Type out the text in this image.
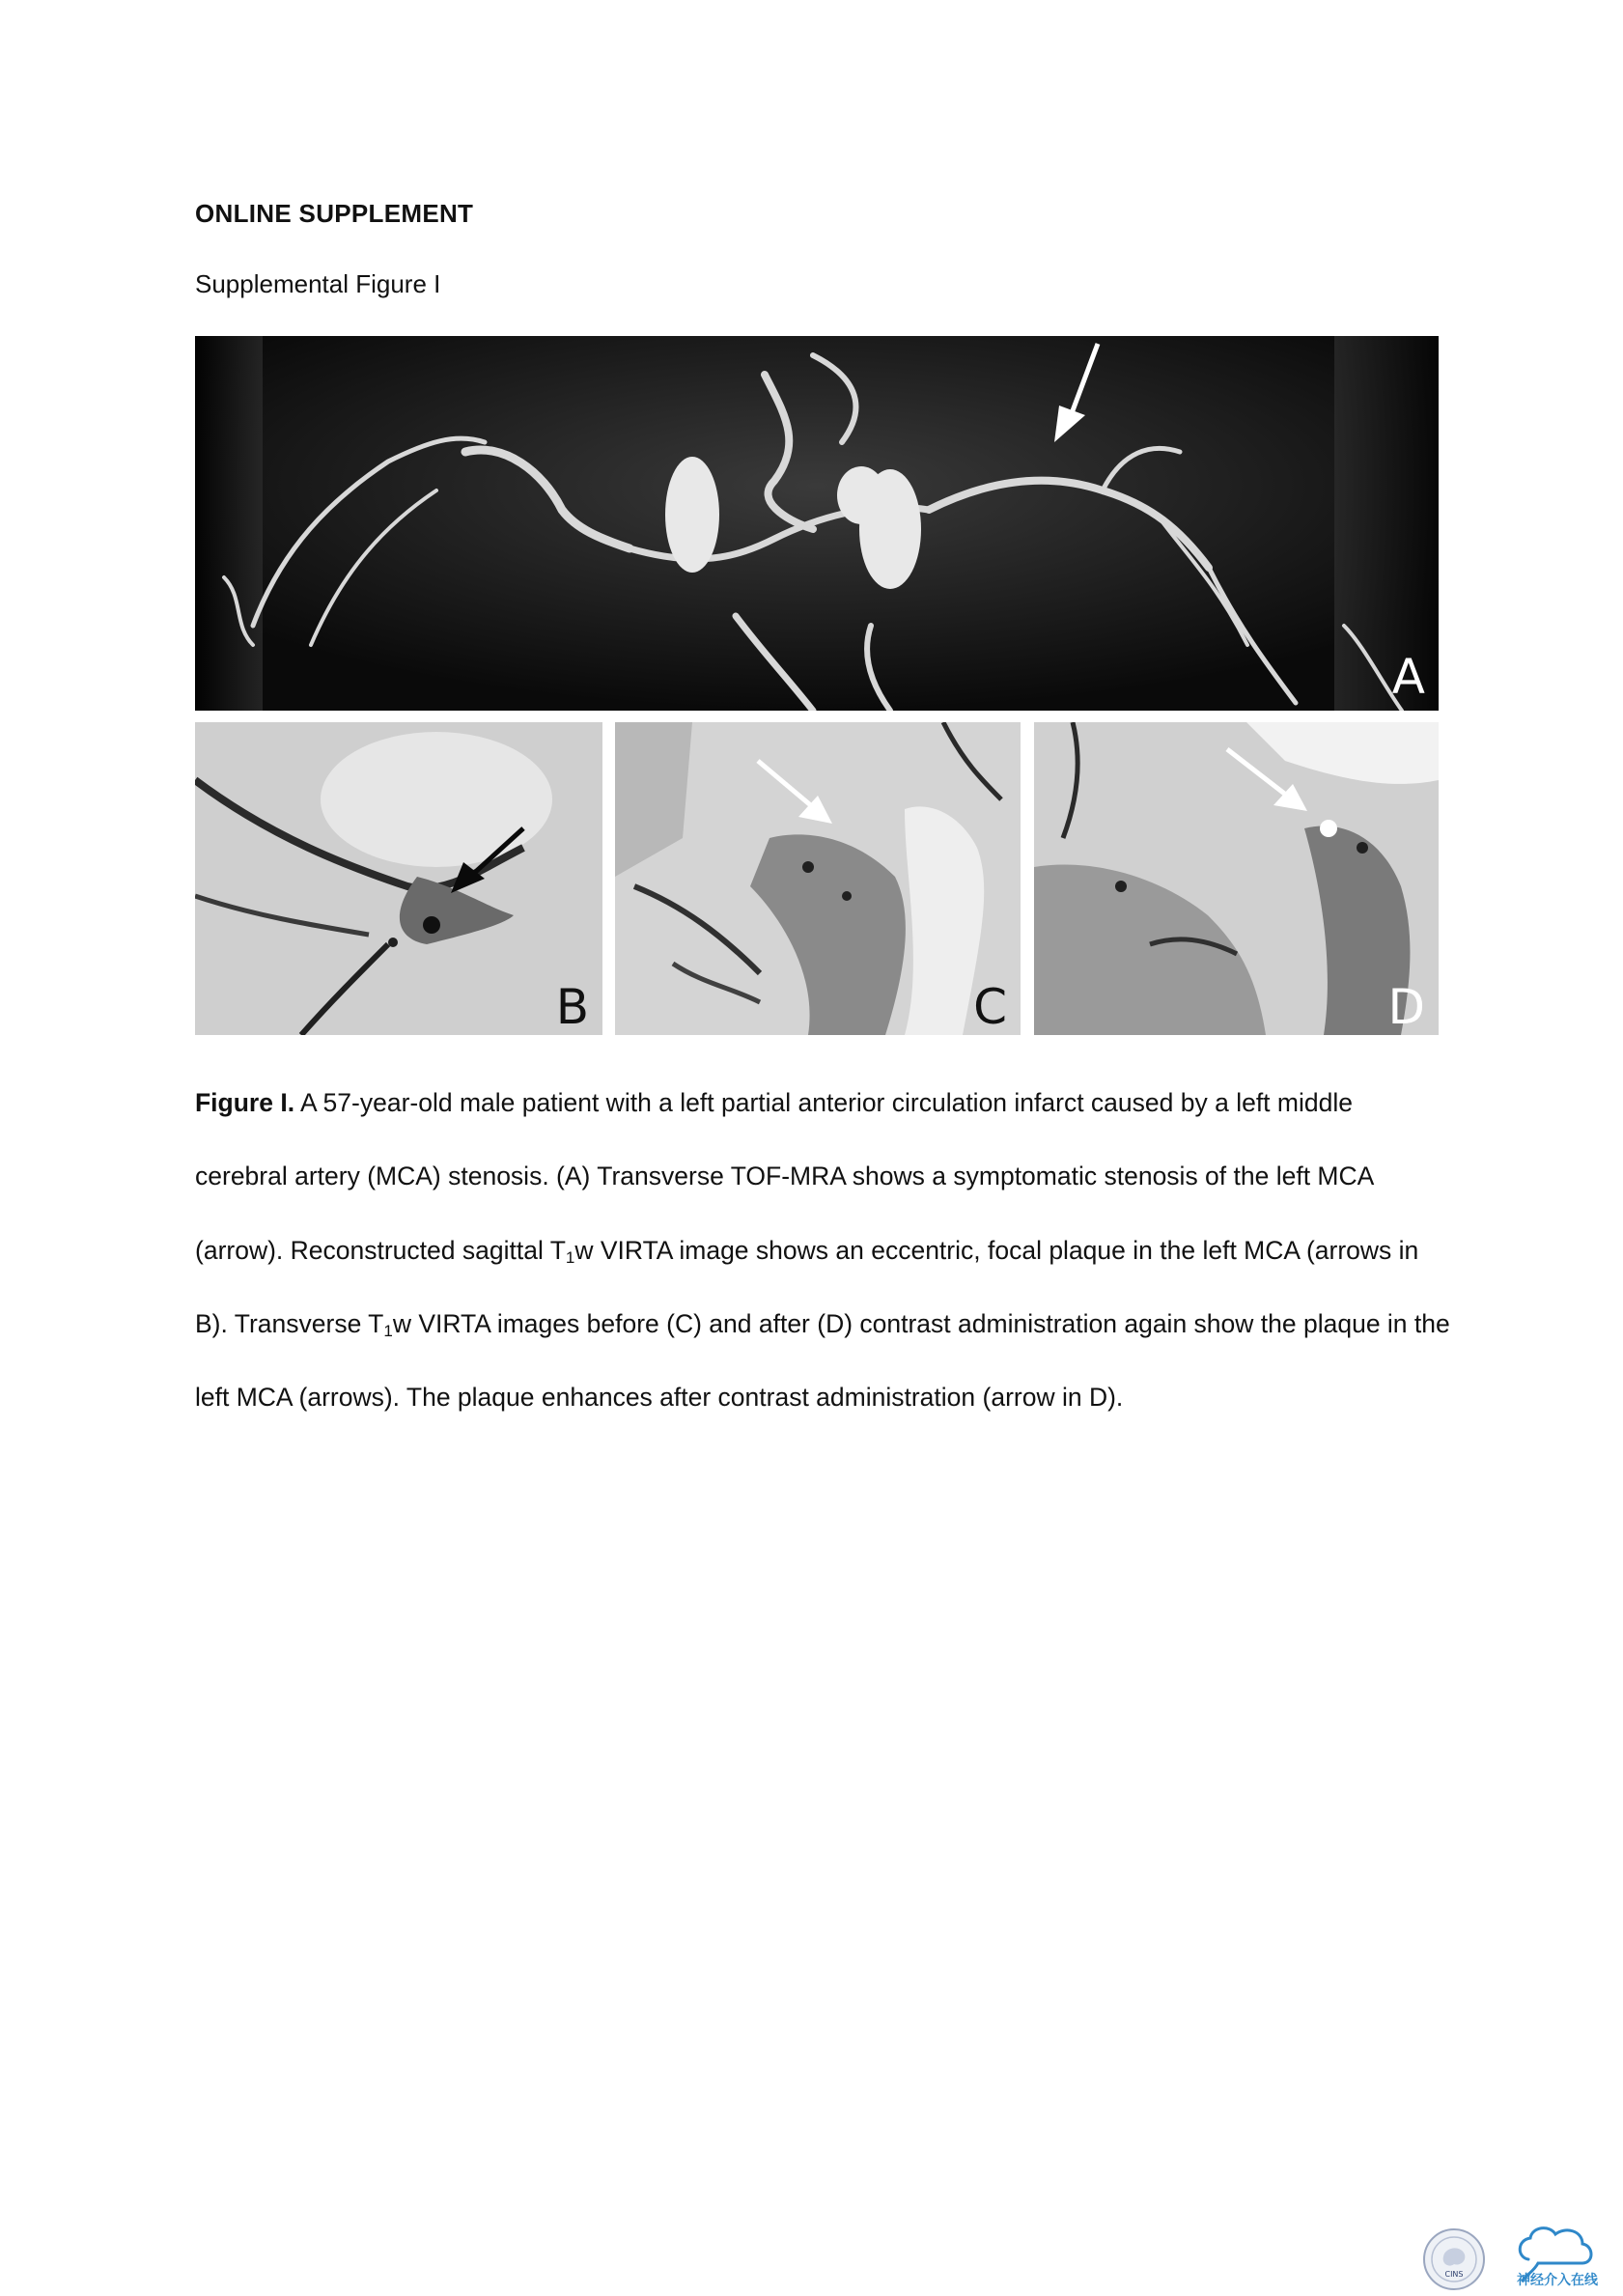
ONLINE SUPPLEMENT
Supplemental Figure I
A
B	C	D
Figure I. A 57-year-old male patient with a left partial anterior circulation infarct caused by a left middle cerebral artery (MCA) stenosis. (A) Transverse TOF-MRA shows a symptomatic stenosis of the left MCA (arrow). Reconstructed sagittal $T_1w$ VIRTA image shows an eccentric, focal plaque in the left MCA (arrows in B). Transverse $T_1w$ VIRTA images before (C) and after (D) contrast administration again show the plaque in the left MCA (arrows). The plaque enhances after contrast administration (arrow in D).
CINS	神经介入在线
